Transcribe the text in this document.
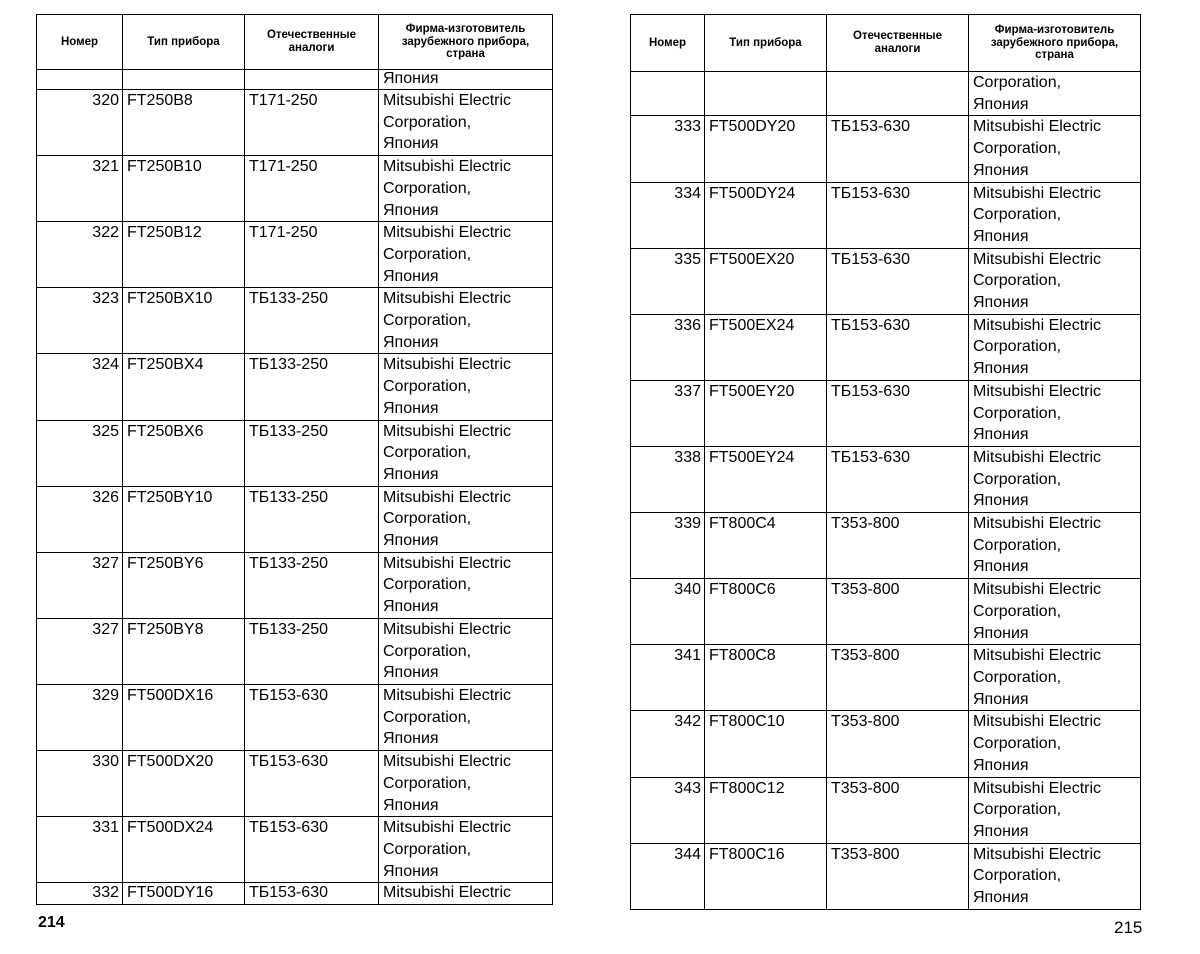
Номер	Тип прибора	Отечественные аналоги	Фирма-изготовитель зарубежного прибора, страна
			Япония
320	FT250B8	Т171-250	Mitsubishi Electric
Corporation,
Япония
321	FT250B10	Т171-250	Mitsubishi Electric
Corporation,
Япония
322	FT250B12	Т171-250	Mitsubishi Electric
Corporation,
Япония
323	FT250BX10	ТБ133-250	Mitsubishi Electric
Corporation,
Япония
324	FT250BX4	ТБ133-250	Mitsubishi Electric
Corporation,
Япония
325	FT250BX6	ТБ133-250	Mitsubishi Electric
Corporation,
Япония
326	FT250BY10	ТБ133-250	Mitsubishi Electric
Corporation,
Япония
327	FT250BY6	ТБ133-250	Mitsubishi Electric
Corporation,
Япония
327	FT250BY8	ТБ133-250	Mitsubishi Electric
Corporation,
Япония
329	FT500DX16	ТБ153-630	Mitsubishi Electric
Corporation,
Япония
330	FT500DX20	ТБ153-630	Mitsubishi Electric
Corporation,
Япония
331	FT500DX24	ТБ153-630	Mitsubishi Electric
Corporation,
Япония
332	FT500DY16	ТБ153-630	Mitsubishi Electric
214
Номер	Тип прибора	Отечественные аналоги	Фирма-изготовитель зарубежного прибора, страна
			Corporation,
Япония
333	FT500DY20	ТБ153-630	Mitsubishi Electric
Corporation,
Япония
334	FT500DY24	ТБ153-630	Mitsubishi Electric
Corporation,
Япония
335	FT500EX20	ТБ153-630	Mitsubishi Electric
Corporation,
Япония
336	FT500EX24	ТБ153-630	Mitsubishi Electric
Corporation,
Япония
337	FT500EY20	ТБ153-630	Mitsubishi Electric
Corporation,
Япония
338	FT500EY24	ТБ153-630	Mitsubishi Electric
Corporation,
Япония
339	FT800C4	Т353-800	Mitsubishi Electric
Corporation,
Япония
340	FT800C6	Т353-800	Mitsubishi Electric
Corporation,
Япония
341	FT800C8	Т353-800	Mitsubishi Electric
Corporation,
Япония
342	FT800C10	Т353-800	Mitsubishi Electric
Corporation,
Япония
343	FT800C12	Т353-800	Mitsubishi Electric
Corporation,
Япония
344	FT800C16	Т353-800	Mitsubishi Electric
Corporation,
Япония
215
